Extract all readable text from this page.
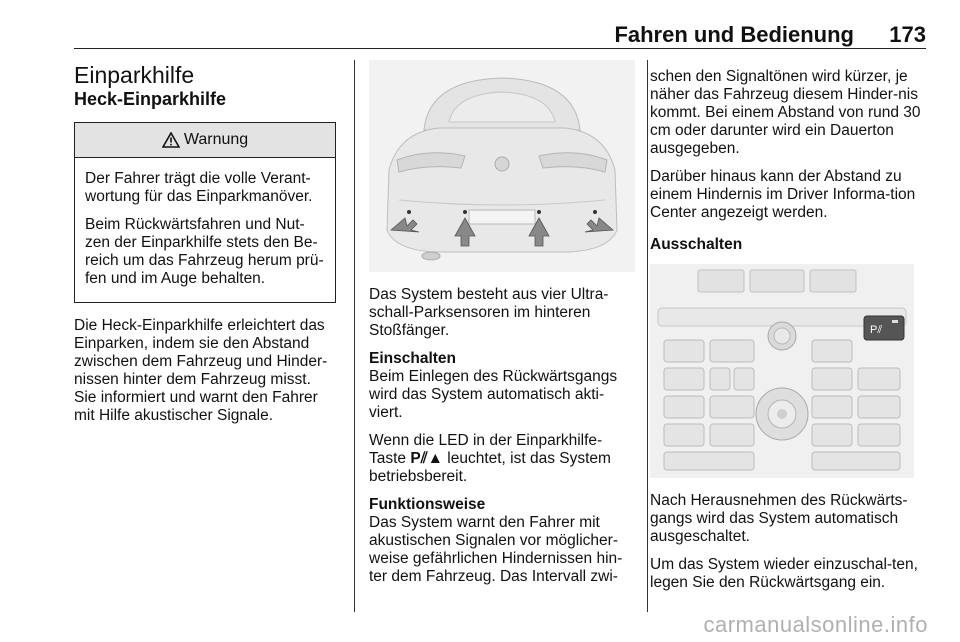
Fahren und Bedienung 173
Einparkhilfe
Heck-Einparkhilfe
Warnung

Der Fahrer trägt die volle Verant-wortung für das Einparkmanöver.

Beim Rückwärtsfahren und Nut-zen der Einparkhilfe stets den Be-reich um das Fahrzeug herum prü-fen und im Auge behalten.

Die Heck-Einparkhilfe erleichtert das Einparken, indem sie den Abstand zwischen dem Fahrzeug und Hinder-nissen hinter dem Fahrzeug misst. Sie informiert und warnt den Fahrer mit Hilfe akustischer Signale.

Das System besteht aus vier Ultra-schall-Parksensoren im hinteren Stoßfänger.

Einschalten
Beim Einlegen des Rückwärtsgangs wird das System automatisch akti-viert.

Wenn die LED in der Einparkhilfe-Taste P⫽▲ leuchtet, ist das System betriebsbereit.

Funktionsweise
Das System warnt den Fahrer mit akustischen Signalen vor möglicher-weise gefährlichen Hindernissen hin-ter dem Fahrzeug. Das Intervall zwi-

schen den Signaltönen wird kürzer, je näher das Fahrzeug diesem Hinder-nis kommt. Bei einem Abstand von rund 30 cm oder darunter wird ein Dauerton ausgegeben.

Darüber hinaus kann der Abstand zu einem Hindernis im Driver Informa-tion Center angezeigt werden.

Ausschalten

P⫽

Nach Herausnehmen des Rückwärts-gangs wird das System automatisch ausgeschaltet.

Um das System wieder einzuschal-ten, legen Sie den Rückwärtsgang ein.

carmanualsonline.info
